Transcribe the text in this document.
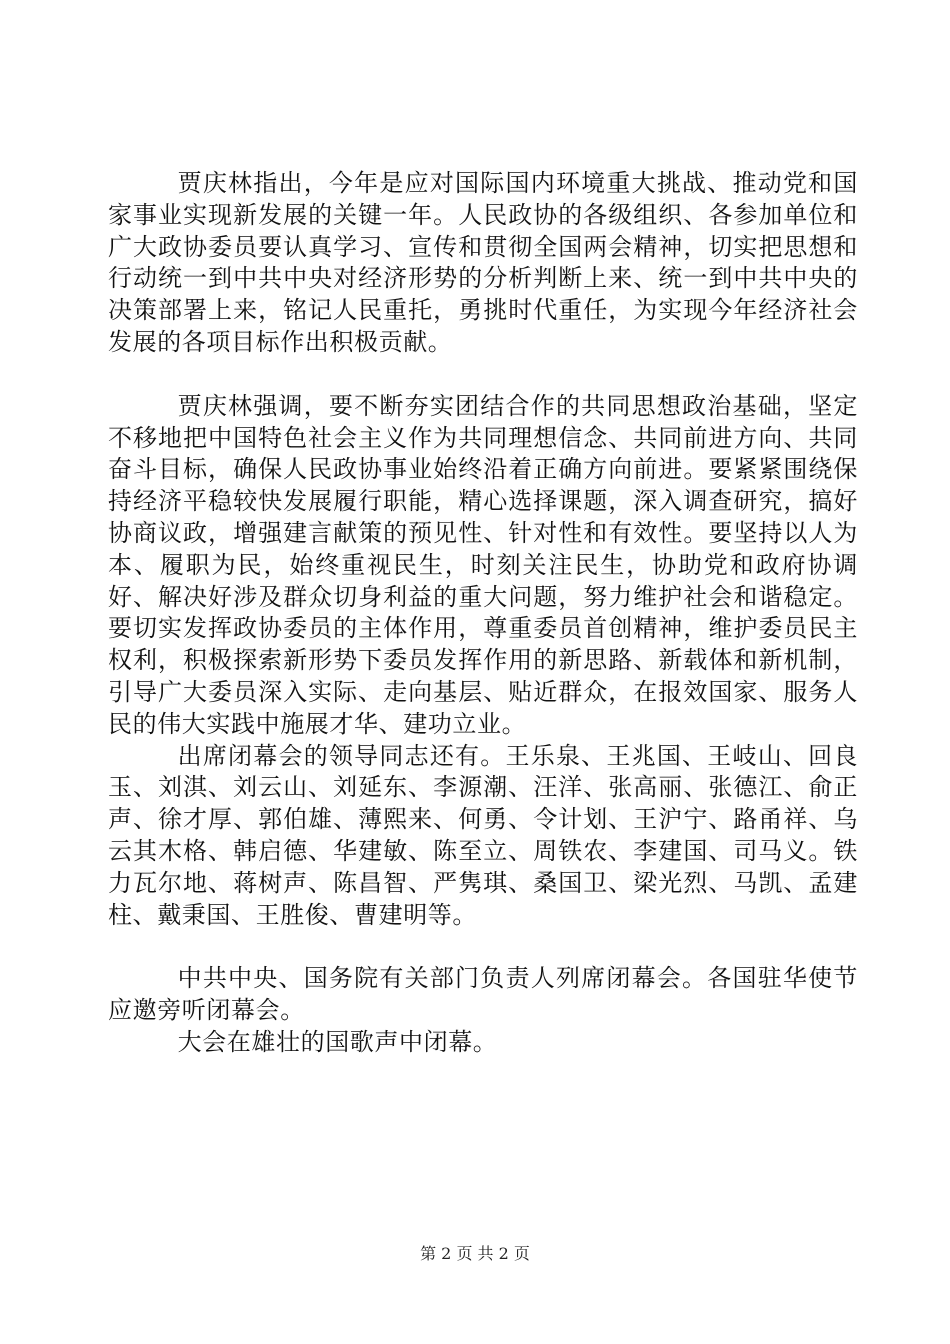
贾庆林指出，今年是应对国际国内环境重大挑战、推动党和国家事业实现新发展的关键一年。人民政协的各级组织、各参加单位和广大政协委员要认真学习、宣传和贯彻全国两会精神，切实把思想和行动统一到中共中央对经济形势的分析判断上来、统一到中共中央的决策部署上来，铭记人民重托，勇挑时代重任，为实现今年经济社会发展的各项目标作出积极贡献。

贾庆林强调，要不断夯实团结合作的共同思想政治基础，坚定不移地把中国特色社会主义作为共同理想信念、共同前进方向、共同奋斗目标，确保人民政协事业始终沿着正确方向前进。要紧紧围绕保持经济平稳较快发展履行职能，精心选择课题，深入调查研究，搞好协商议政，增强建言献策的预见性、针对性和有效性。要坚持以人为本、履职为民，始终重视民生，时刻关注民生，协助党和政府协调好、解决好涉及群众切身利益的重大问题，努力维护社会和谐稳定。要切实发挥政协委员的主体作用，尊重委员首创精神，维护委员民主权利，积极探索新形势下委员发挥作用的新思路、新载体和新机制，引导广大委员深入实际、走向基层、贴近群众，在报效国家、服务人民的伟大实践中施展才华、建功立业。

出席闭幕会的领导同志还有。王乐泉、王兆国、王岐山、回良玉、刘淇、刘云山、刘延东、李源潮、汪洋、张高丽、张德江、俞正声、徐才厚、郭伯雄、薄熙来、何勇、令计划、王沪宁、路甬祥、乌云其木格、韩启德、华建敏、陈至立、周铁农、李建国、司马义。铁力瓦尔地、蒋树声、陈昌智、严隽琪、桑国卫、梁光烈、马凯、孟建柱、戴秉国、王胜俊、曹建明等。

中共中央、国务院有关部门负责人列席闭幕会。各国驻华使节应邀旁听闭幕会。

大会在雄壮的国歌声中闭幕。

第 2 页 共 2 页
